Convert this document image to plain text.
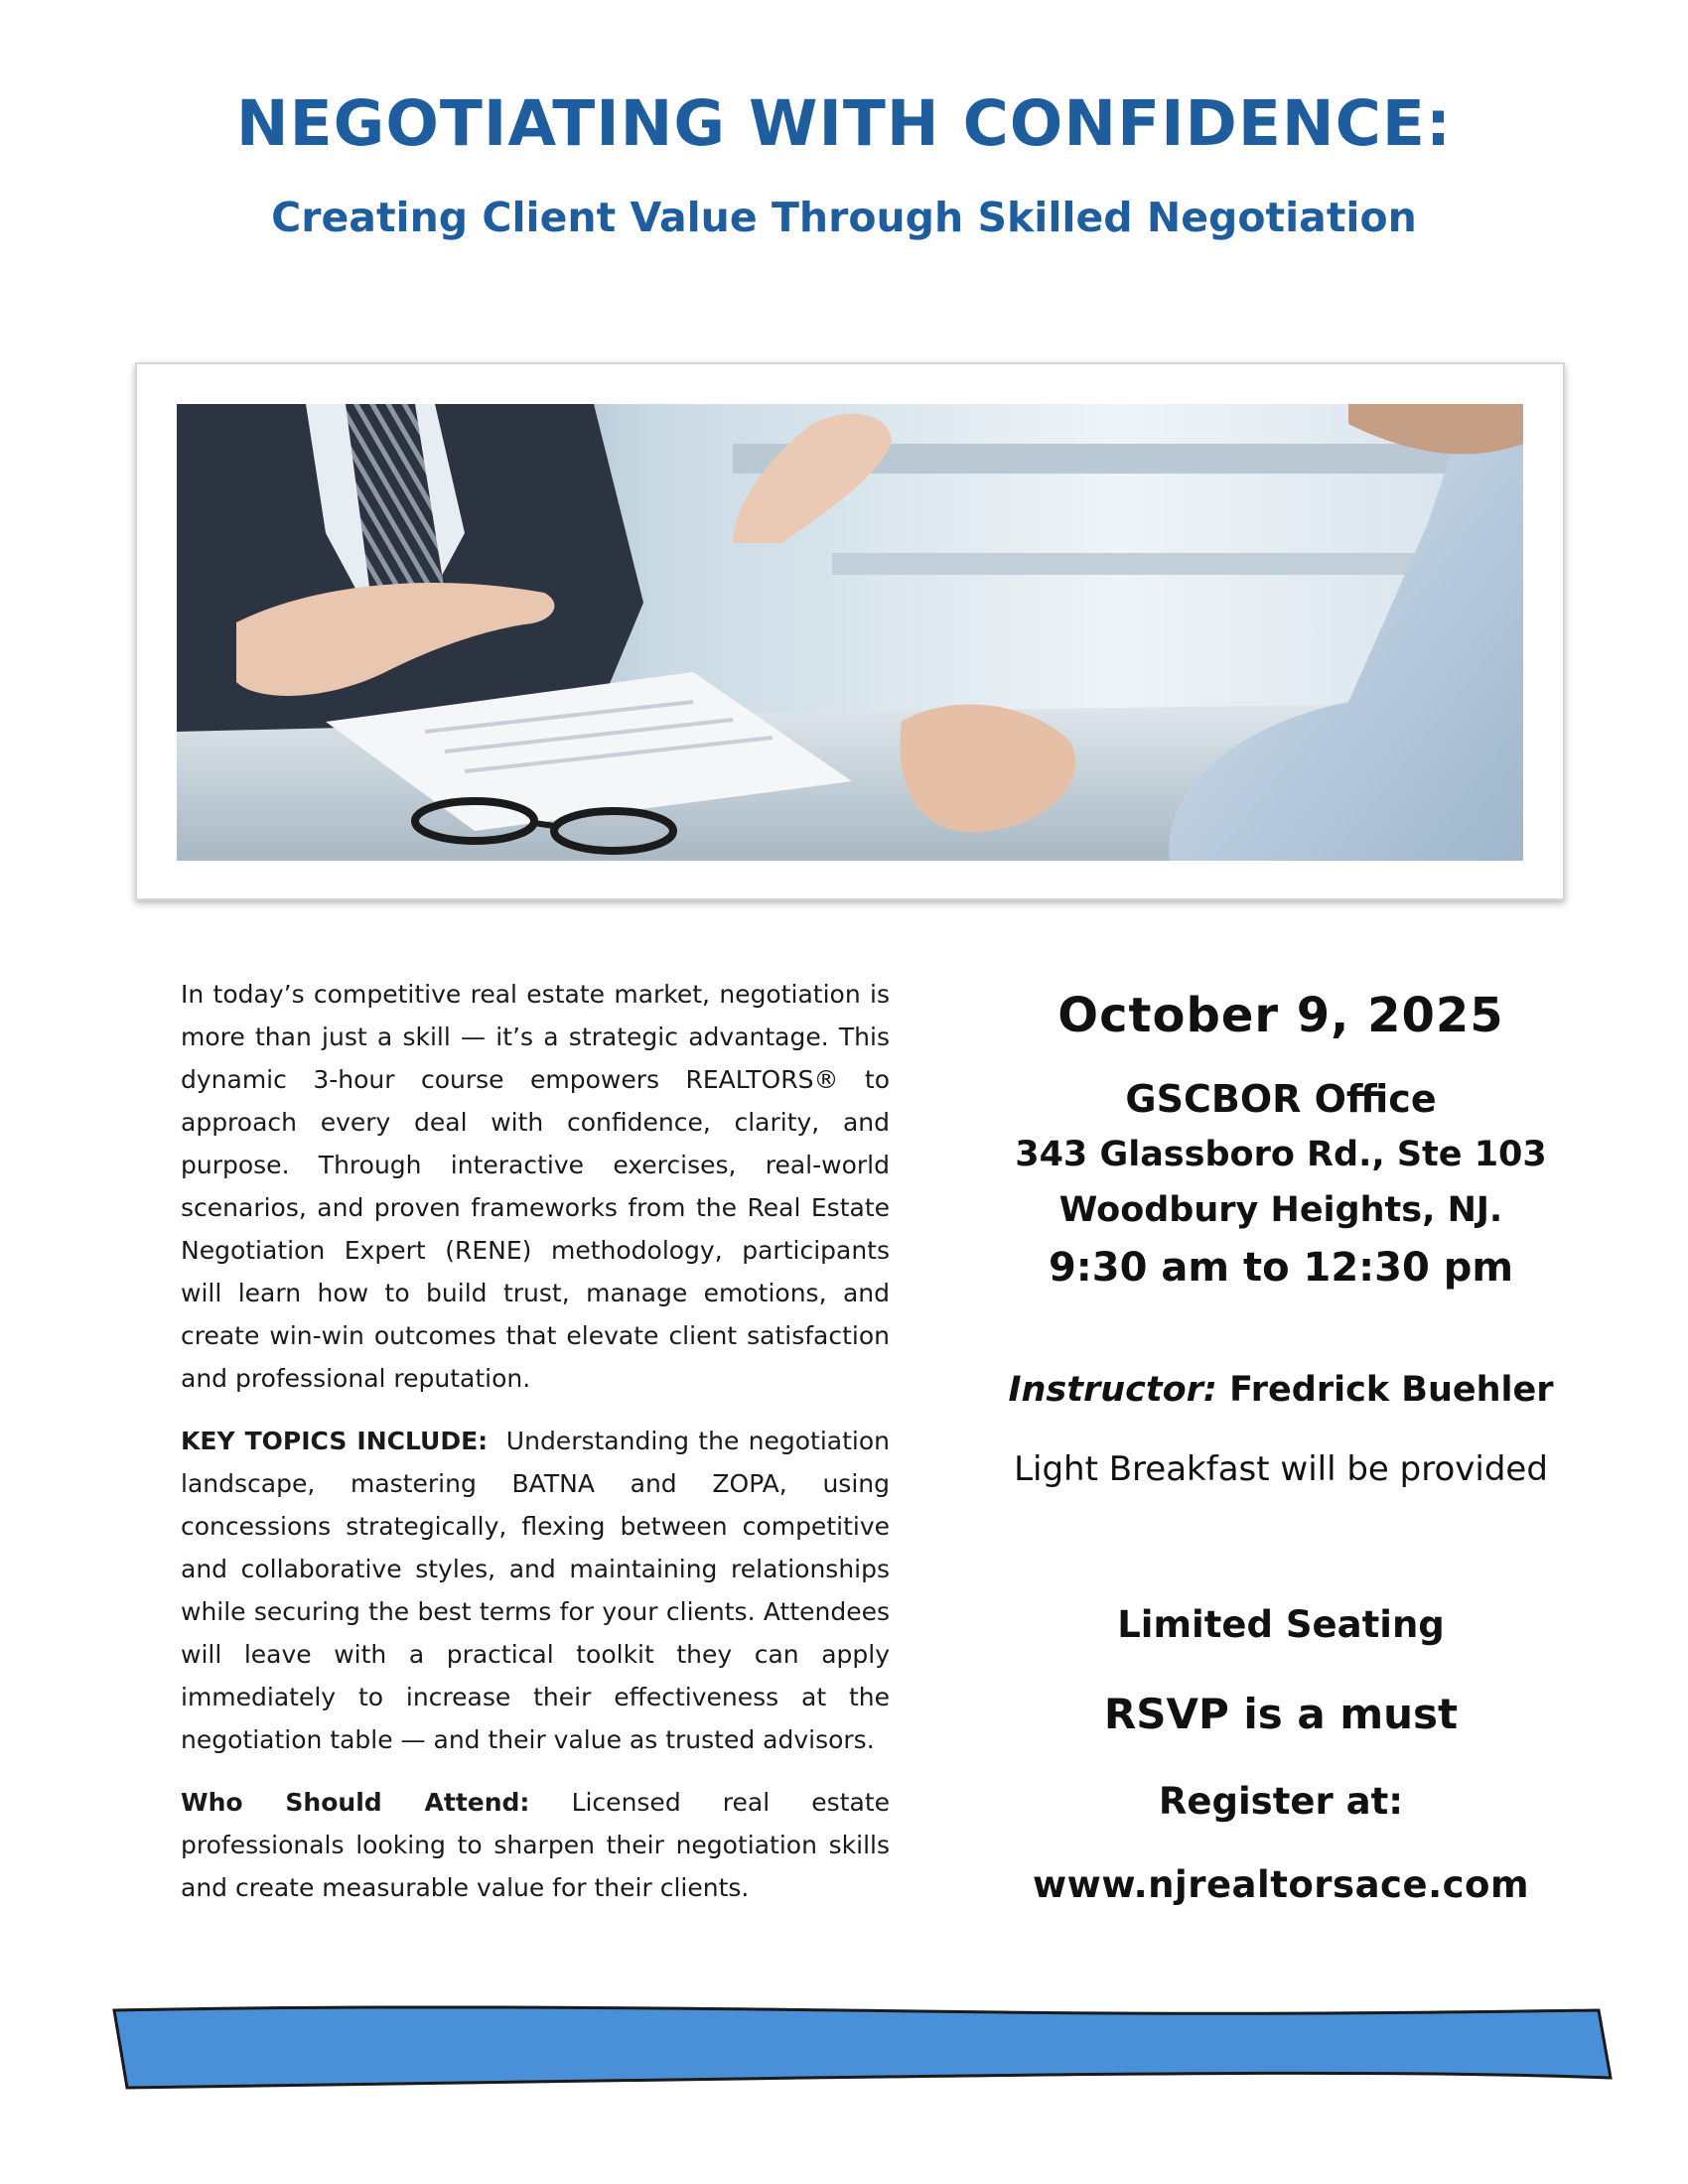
NEGOTIATING WITH CONFIDENCE:
Creating Client Value Through Skilled Negotiation

In today’s competitive real estate market, negotiation is more than just a skill — it’s a strategic advantage. This dynamic 3-hour course empowers REALTORS® to approach every deal with confidence, clarity, and purpose. Through interactive exercises, real-world scenarios, and proven frameworks from the Real Estate Negotiation Expert (RENE) methodology, participants will learn how to build trust, manage emotions, and create win-win outcomes that elevate client satisfaction and professional reputation.

KEY TOPICS INCLUDE: Understanding the negotiation landscape, mastering BATNA and ZOPA, using concessions strategically, flexing between competitive and collaborative styles, and maintaining relationships while securing the best terms for your clients. Attendees will leave with a practical toolkit they can apply immediately to increase their effectiveness at the negotiation table — and their value as trusted advisors.

Who Should Attend: Licensed real estate professionals looking to sharpen their negotiation skills and create measurable value for their clients.

October 9, 2025
GSCBOR Office
343 Glassboro Rd., Ste 103
Woodbury Heights, NJ.
9:30 am to 12:30 pm
Instructor: Fredrick Buehler
Light Breakfast will be provided
Limited Seating
RSVP is a must
Register at:
www.njrealtorsace.com
